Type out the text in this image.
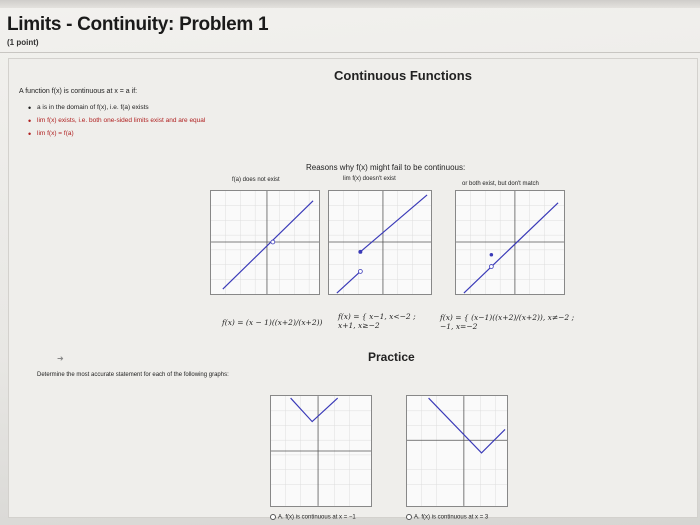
Limits - Continuity: Problem 1
(1 point)
Continuous Functions
A function f(x) is continuous at x = a if:
• a is in the domain of f(x), i.e. f(a) exists
• lim f(x) exists, i.e. both one-sided limits exist and are equal
• lim f(x) = f(a)
Reasons why f(x) might fail to be continuous:
f(a) does not exist	lim f(x) doesn't exist
or both exist, but don't match
f(x) = (x − 1)((x+2)/(x+2))
f(x) = { x−1, x<−2 ; x+1, x≥−2
f(x) = { (x−1)((x+2)/(x+2)), x≠−2 ; −1, x=−2
➜	Practice
Determine the most accurate statement for each of the following graphs:
A. f(x) is continuous at x = −1	A. f(x) is continuous at x = 3
